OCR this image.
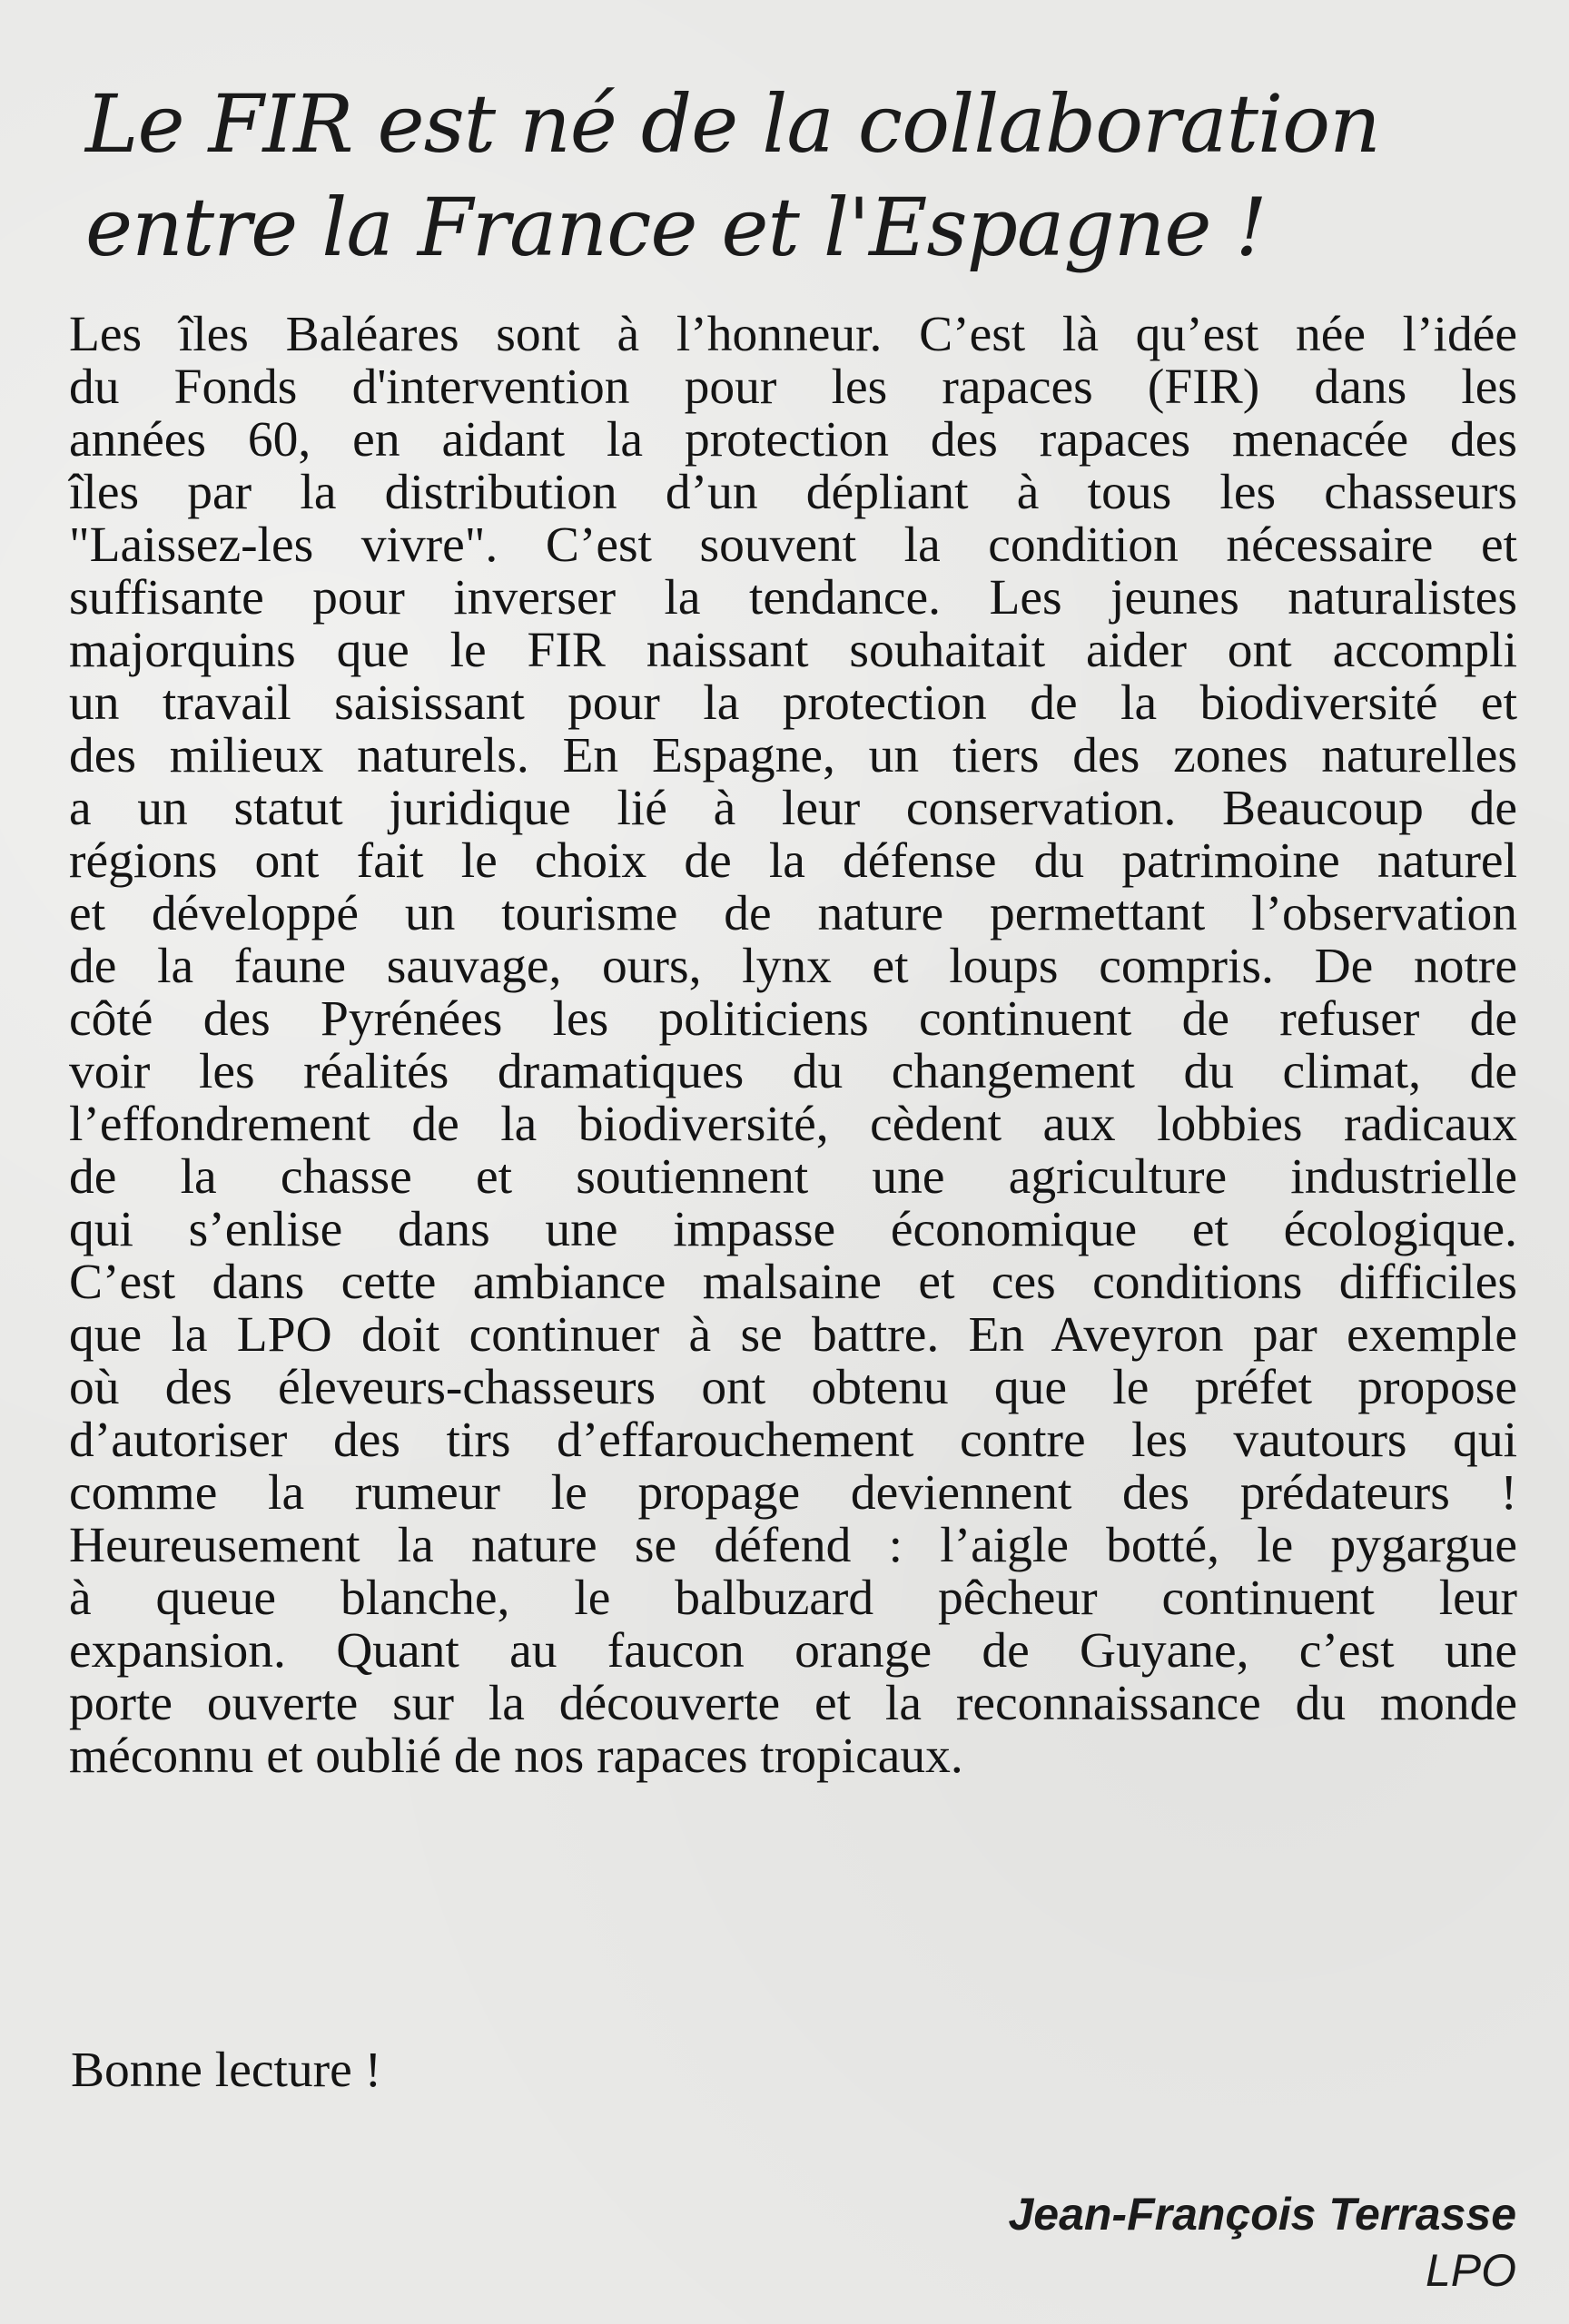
Le FIR est né de la collaboration
entre la France et l'Espagne !
Les îles Baléares sont à l’honneur. C’est là qu’est née l’idée
du Fonds d'intervention pour les rapaces (FIR) dans les
années 60, en aidant la protection des rapaces menacée des
îles par la distribution d’un dépliant à tous les chasseurs
"Laissez-les vivre". C’est souvent la condition nécessaire et
suffisante pour inverser la tendance. Les jeunes naturalistes
majorquins que le FIR naissant souhaitait aider ont accompli
un travail saisissant pour la protection de la biodiversité et
des milieux naturels. En Espagne, un tiers des zones naturelles
a un statut juridique lié à leur conservation. Beaucoup de
régions ont fait le choix de la défense du patrimoine naturel
et développé un tourisme de nature permettant l’observation
de la faune sauvage, ours, lynx et loups compris. De notre
côté des Pyrénées les politiciens continuent de refuser de
voir les réalités dramatiques du changement du climat, de
l’effondrement de la biodiversité, cèdent aux lobbies radicaux
de la chasse et soutiennent une agriculture industrielle
qui s’enlise dans une impasse économique et écologique.
C’est dans cette ambiance malsaine et ces conditions difficiles
que la LPO doit continuer à se battre. En Aveyron par exemple
où des éleveurs-chasseurs ont obtenu que le préfet propose
d’autoriser des tirs d’effarouchement contre les vautours qui
comme la rumeur le propage deviennent des prédateurs !
Heureusement la nature se défend : l’aigle botté, le pygargue
à queue blanche, le balbuzard pêcheur continuent leur
expansion. Quant au faucon orange de Guyane, c’est une
porte ouverte sur la découverte et la reconnaissance du monde
méconnu et oublié de nos rapaces tropicaux.

Bonne lecture !

Jean-François Terrasse
LPO
